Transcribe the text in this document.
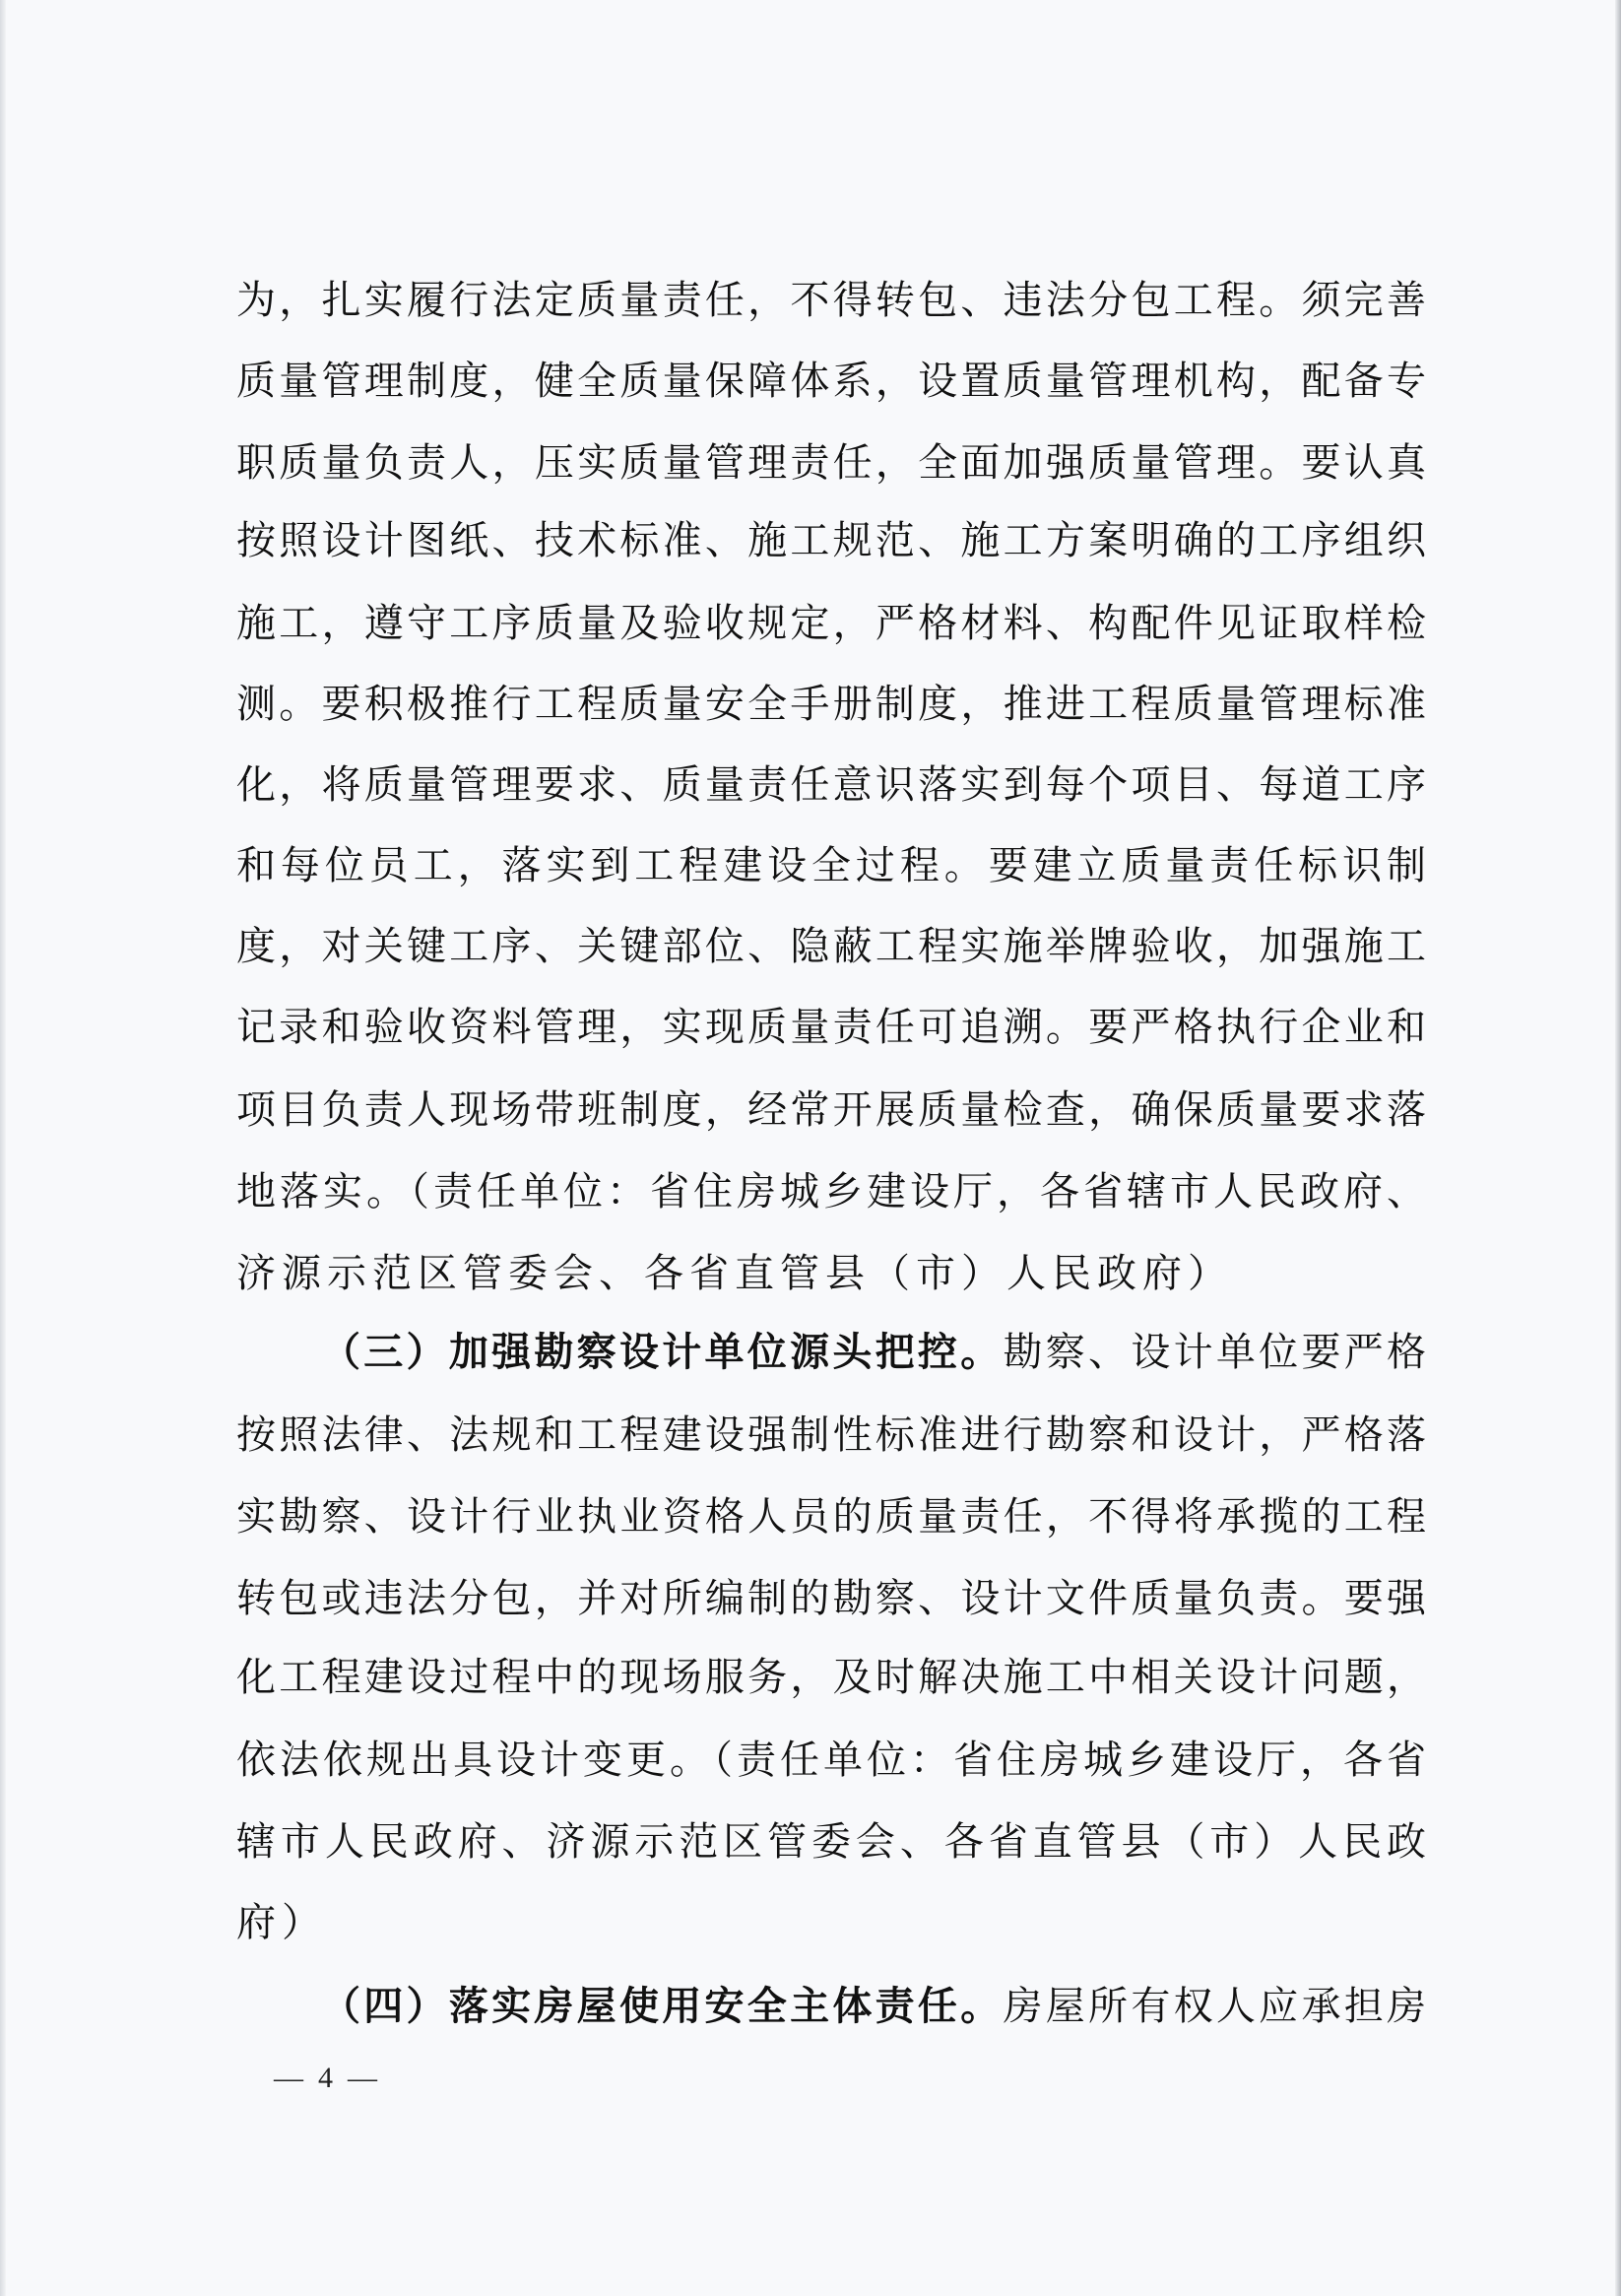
为，扎实履行法定质量责任，不得转包、违法分包工程。须完善
质量管理制度，健全质量保障体系，设置质量管理机构，配备专
职质量负责人，压实质量管理责任，全面加强质量管理。要认真
按照设计图纸、技术标准、施工规范、施工方案明确的工序组织
施工，遵守工序质量及验收规定，严格材料、构配件见证取样检
测。要积极推行工程质量安全手册制度，推进工程质量管理标准
化，将质量管理要求、质量责任意识落实到每个项目、每道工序
和每位员工，落实到工程建设全过程。要建立质量责任标识制
度，对关键工序、关键部位、隐蔽工程实施举牌验收，加强施工
记录和验收资料管理，实现质量责任可追溯。要严格执行企业和
项目负责人现场带班制度，经常开展质量检查，确保质量要求落
地落实。（责任单位：省住房城乡建设厅，各省辖市人民政府、
济源示范区管委会、各省直管县（市）人民政府）
（三）加强勘察设计单位源头把控。勘察、设计单位要严格
按照法律、法规和工程建设强制性标准进行勘察和设计，严格落
实勘察、设计行业执业资格人员的质量责任，不得将承揽的工程
转包或违法分包，并对所编制的勘察、设计文件质量负责。要强
化工程建设过程中的现场服务，及时解决施工中相关设计问题，
依法依规出具设计变更。（责任单位：省住房城乡建设厅，各省
辖市人民政府、济源示范区管委会、各省直管县（市）人民政
府）
（四）落实房屋使用安全主体责任。房屋所有权人应承担房
—  4  —
